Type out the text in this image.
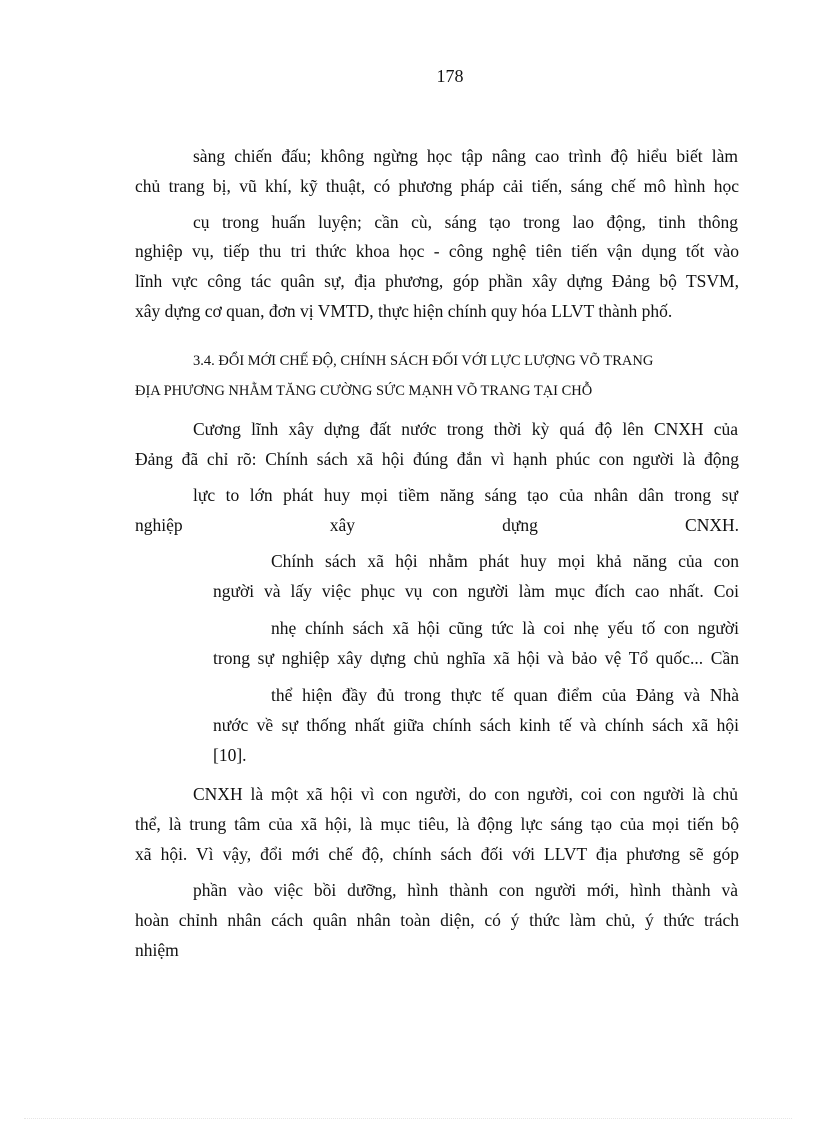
178
sàng chiến đấu; không ngừng học tập nâng cao trình độ hiểu biết làm
chủ trang bị, vũ khí, kỹ thuật, có phương pháp cải tiến, sáng chế mô hình học
cụ trong huấn luyện; cần cù, sáng tạo trong lao động, tinh thông
nghiệp vụ, tiếp thu tri thức khoa học - công nghệ tiên tiến vận dụng tốt vào
lĩnh vực công tác quân sự, địa phương, góp phần xây dựng Đảng bộ TSVM,
xây dựng cơ quan, đơn vị VMTD, thực hiện chính quy hóa LLVT thành phố.
3.4. ĐỔI MỚI CHẾ ĐỘ, CHÍNH SÁCH ĐỐI VỚI LỰC LƯỢNG VÕ TRANG
ĐỊA PHƯƠNG NHẰM TĂNG CƯỜNG SỨC MẠNH VÕ TRANG TẠI CHỖ
Cương lĩnh xây dựng đất nước trong thời kỳ quá độ lên CNXH của
Đảng đã chỉ rõ: Chính sách xã hội đúng đắn vì hạnh phúc con người là động
lực to lớn phát huy mọi tiềm năng sáng tạo của nhân dân trong sự
nghiệp xây dựng CNXH.
Chính sách xã hội nhằm phát huy mọi khả năng của con
người và lấy việc phục vụ con người làm mục đích cao nhất. Coi
nhẹ chính sách xã hội cũng tức là coi nhẹ yếu tố con người
trong sự nghiệp xây dựng chủ nghĩa xã hội và bảo vệ Tổ quốc... Cần
thể hiện đầy đủ trong thực tế quan điểm của Đảng và Nhà
nước về sự thống nhất giữa chính sách kinh tế và chính sách xã hội
[10].
CNXH là một xã hội vì con người, do con người, coi con người là chủ
thể, là trung tâm của xã hội, là mục tiêu, là động lực sáng tạo của mọi tiến bộ
xã hội. Vì vậy, đổi mới chế độ, chính sách đối với LLVT địa phương sẽ góp
phần vào việc bồi dưỡng, hình thành con người mới, hình thành và
hoàn chỉnh nhân cách quân nhân toàn diện, có ý thức làm chủ, ý thức trách
nhiệm
